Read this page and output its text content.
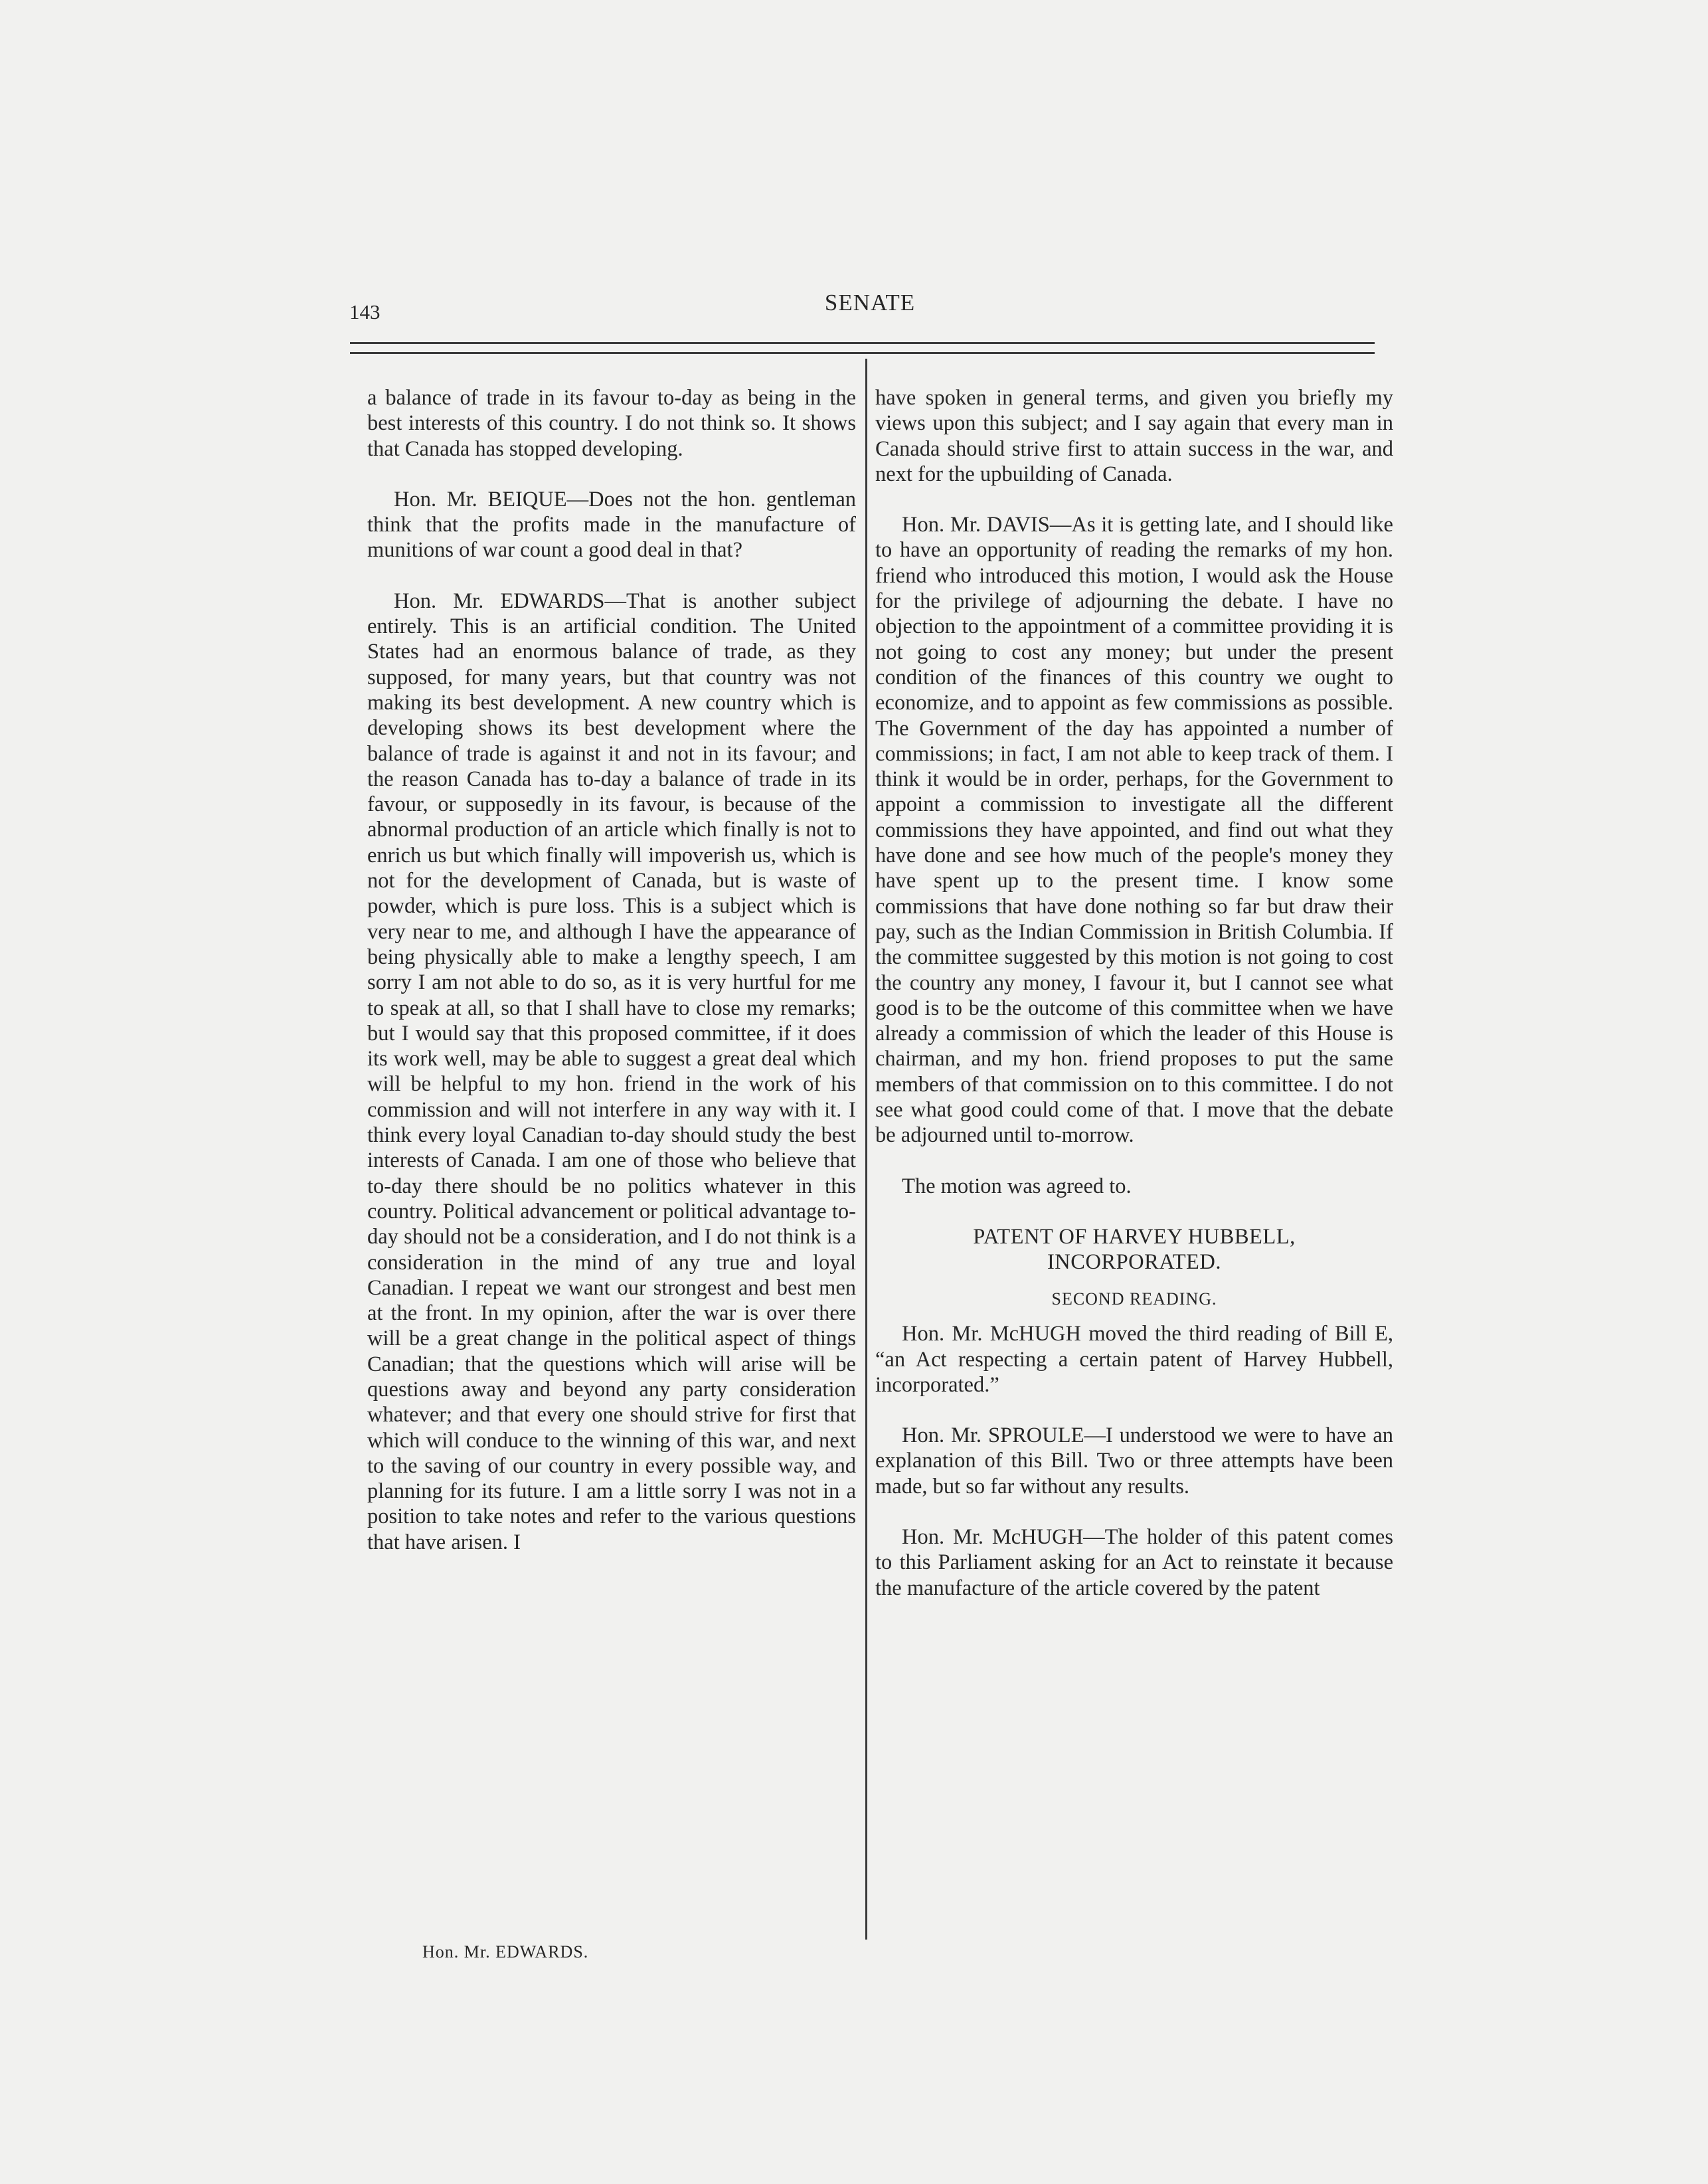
143	SENATE

a balance of trade in its favour to-day as being in the best interests of this country. I do not think so. It shows that Canada has stopped developing.

Hon. Mr. BEIQUE—Does not the hon. gentleman think that the profits made in the manufacture of munitions of war count a good deal in that?

Hon. Mr. EDWARDS—That is another subject entirely. This is an artificial condition. The United States had an enormous balance of trade, as they supposed, for many years, but that country was not making its best development. A new country which is developing shows its best development where the balance of trade is against it and not in its favour; and the reason Canada has to-day a balance of trade in its favour, or supposedly in its favour, is because of the abnormal production of an article which finally is not to enrich us but which finally will impoverish us, which is not for the development of Canada, but is waste of powder, which is pure loss. This is a subject which is very near to me, and although I have the appearance of being physically able to make a lengthy speech, I am sorry I am not able to do so, as it is very hurtful for me to speak at all, so that I shall have to close my remarks; but I would say that this proposed committee, if it does its work well, may be able to suggest a great deal which will be helpful to my hon. friend in the work of his commission and will not interfere in any way with it. I think every loyal Canadian to-day should study the best interests of Canada. I am one of those who believe that to-day there should be no politics whatever in this country. Political advancement or political advantage to-day should not be a consideration, and I do not think is a consideration in the mind of any true and loyal Canadian. I repeat we want our strongest and best men at the front. In my opinion, after the war is over there will be a great change in the political aspect of things Canadian; that the questions which will arise will be questions away and beyond any party consideration whatever; and that every one should strive for first that which will conduce to the winning of this war, and next to the saving of our country in every possible way, and planning for its future. I am a little sorry I was not in a position to take notes and refer to the various questions that have arisen. I

have spoken in general terms, and given you briefly my views upon this subject; and I say again that every man in Canada should strive first to attain success in the war, and next for the upbuilding of Canada.

Hon. Mr. DAVIS—As it is getting late, and I should like to have an opportunity of reading the remarks of my hon. friend who introduced this motion, I would ask the House for the privilege of adjourning the debate. I have no objection to the appointment of a committee providing it is not going to cost any money; but under the present condition of the finances of this country we ought to economize, and to appoint as few commissions as possible. The Government of the day has appointed a number of commissions; in fact, I am not able to keep track of them. I think it would be in order, perhaps, for the Government to appoint a commission to investigate all the different commissions they have appointed, and find out what they have done and see how much of the people's money they have spent up to the present time. I know some commissions that have done nothing so far but draw their pay, such as the Indian Commission in British Columbia. If the committee suggested by this motion is not going to cost the country any money, I favour it, but I cannot see what good is to be the outcome of this committee when we have already a commission of which the leader of this House is chairman, and my hon. friend proposes to put the same members of that commission on to this committee. I do not see what good could come of that. I move that the debate be adjourned until to-morrow.

The motion was agreed to.

PATENT OF HARVEY HUBBELL,
INCORPORATED.
SECOND READING.

Hon. Mr. McHUGH moved the third reading of Bill E, “an Act respecting a certain patent of Harvey Hubbell, incorporated.”

Hon. Mr. SPROULE—I understood we were to have an explanation of this Bill. Two or three attempts have been made, but so far without any results.

Hon. Mr. McHUGH—The holder of this patent comes to this Parliament asking for an Act to reinstate it because the manufacture of the article covered by the patent

Hon. Mr. EDWARDS.
